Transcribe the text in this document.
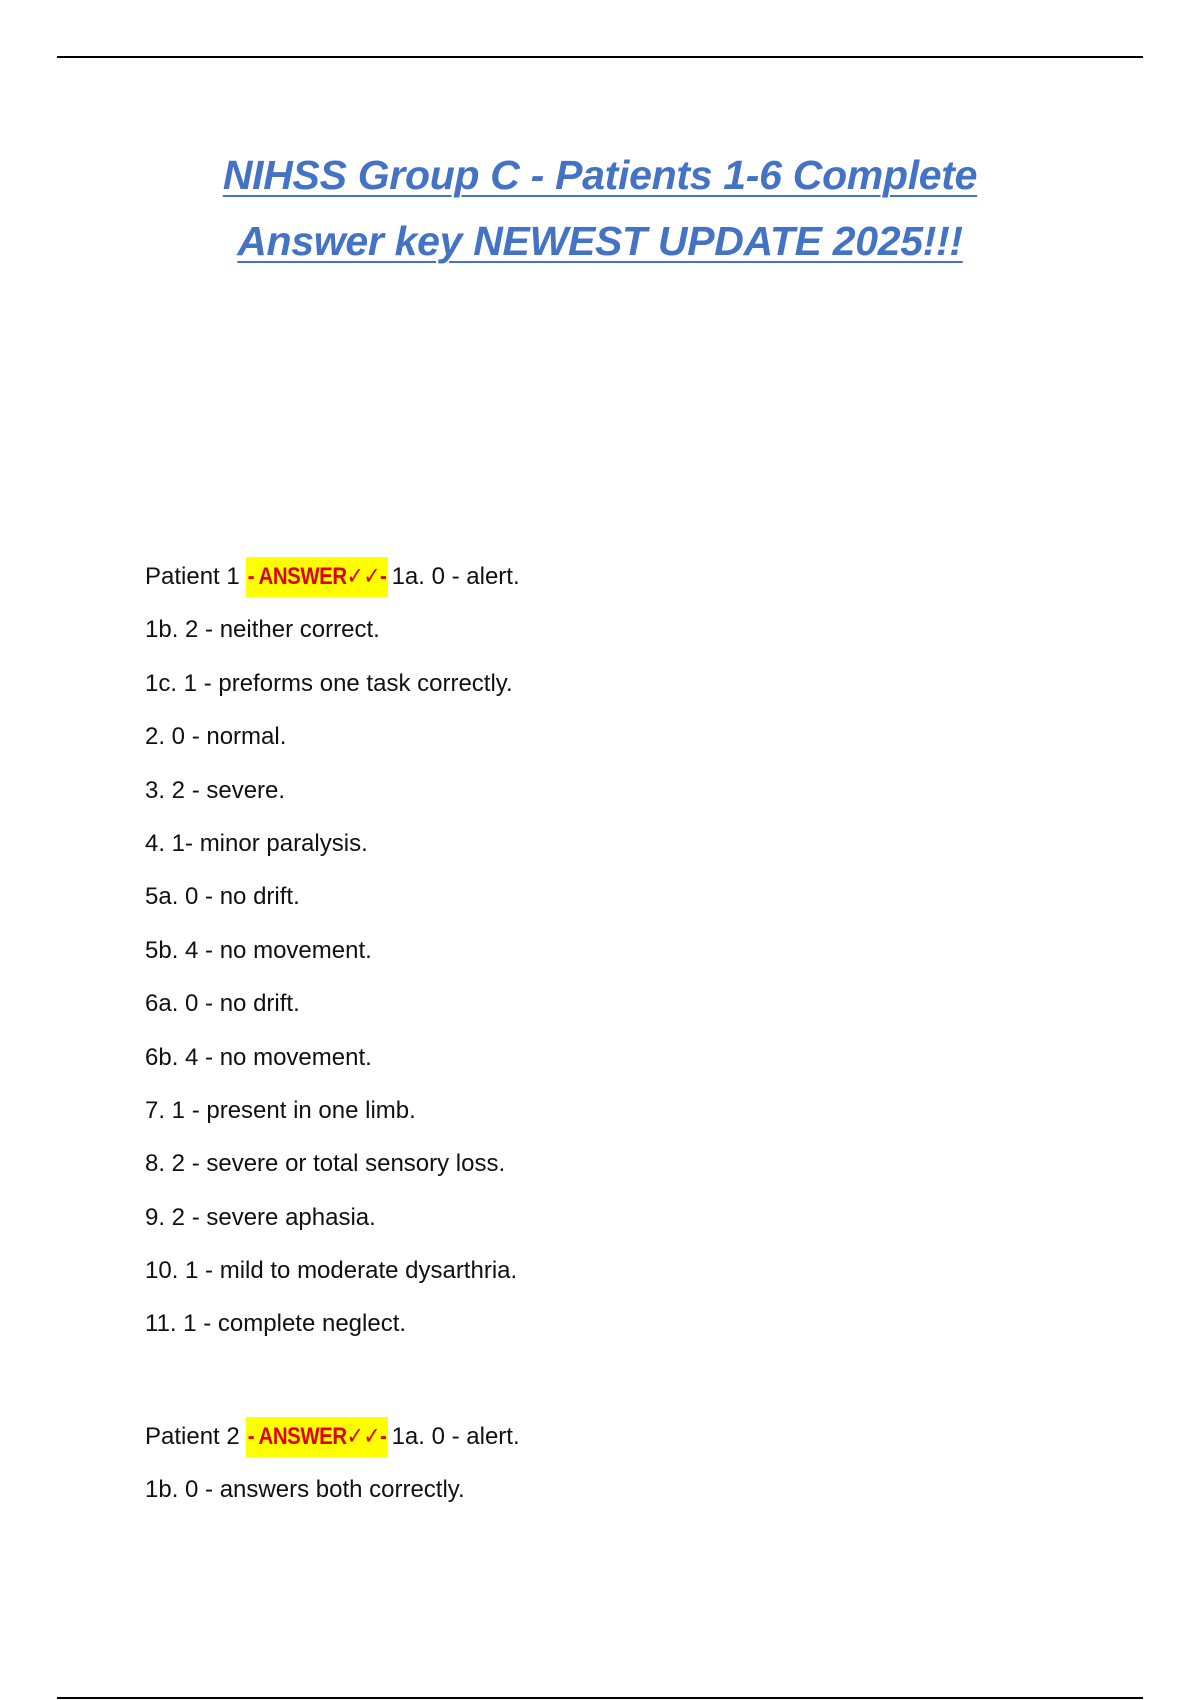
NIHSS Group C - Patients 1-6 Complete
Answer key NEWEST UPDATE 2025!!!
Patient 1 - ANSWER✓✓- 1a. 0 - alert.
1b. 2 - neither correct.
1c. 1 - preforms one task correctly.
2. 0 - normal.
3. 2 - severe.
4. 1- minor paralysis.
5a. 0 - no drift.
5b. 4 - no movement.
6a. 0 - no drift.
6b. 4 - no movement.
7. 1 - present in one limb.
8. 2 - severe or total sensory loss.
9. 2 - severe aphasia.
10. 1 - mild to moderate dysarthria.
11. 1 - complete neglect.
Patient 2 - ANSWER✓✓- 1a. 0 - alert.
1b. 0 - answers both correctly.
